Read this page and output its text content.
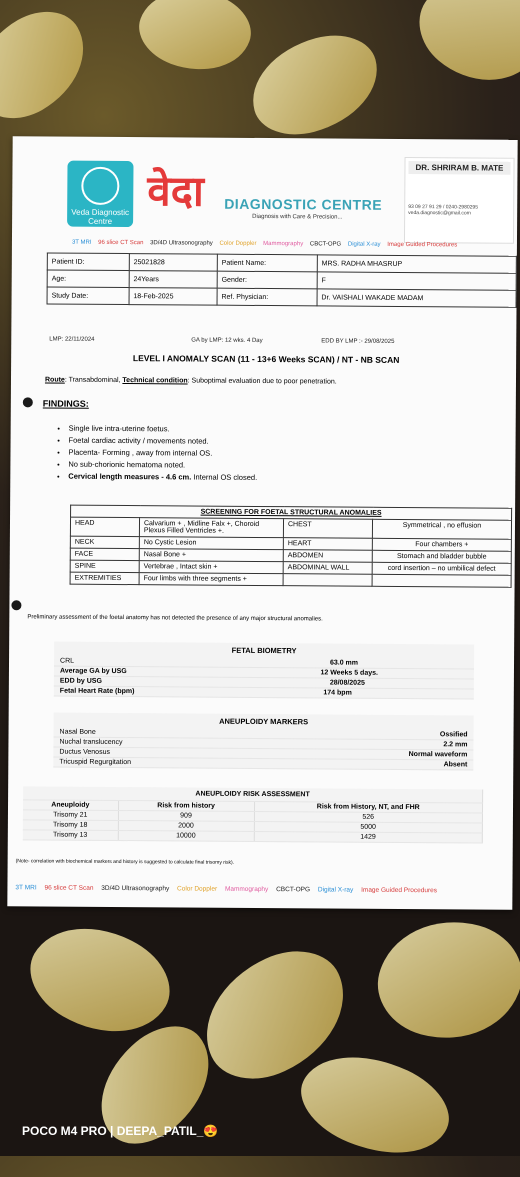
Veda Diagnostic Centre
वेदा DIAGNOSTIC CENTRE
Diagnosis with Care & Precision...
DR. SHRIRAM B. MATE
93 09 27 91 29 / 0240-2980295
veda.diagnostic@gmail.com
3T MRI 96 slice CT Scan 3D/4D Ultrasonography Color Doppler Mammography CBCT-OPG Digital X-ray Image Guided Procedures
Patient ID:	25021828	Patient Name:	MRS. RADHA MHASRUP
Age:	24Years	Gender:	F
Study Date:	18-Feb-2025	Ref. Physician:	Dr. VAISHALI WAKADE MADAM
LMP: 22/11/2024	GA by LMP: 12 wks. 4 Day	EDD BY LMP :- 29/08/2025
LEVEL I ANOMALY SCAN (11 - 13+6 Weeks SCAN) / NT - NB SCAN
Route: Transabdominal, Technical condition: Suboptimal evaluation due to poor penetration.
FINDINGS:
• Single live intra-uterine foetus.
• Foetal cardiac activity / movements noted.
• Placenta- Forming , away from internal OS.
• No sub-chorionic hematoma noted.
• Cervical length measures - 4.6 cm. Internal OS closed.
SCREENING FOR FOETAL STRUCTURAL ANOMALIES			
HEAD	Calvarium + , Midline Falx +, Choroid Plexus Filled Ventricles +.	CHEST	Symmetrical , no effusion
NECK	No Cystic Lesion	HEART	Four chambers +
FACE	Nasal Bone +	ABDOMEN	Stomach and bladder bubble
SPINE	Vertebrae , Intact skin +	ABDOMINAL WALL	cord insertion – no umbilical defect
EXTREMITIES	Four limbs with three segments +		
Preliminary assessment of the foetal anatomy has not detected the presence of any major structural anomalies.
FETAL BIOMETRY
CRL	63.0 mm
Average GA by USG	12 Weeks 5 days.
EDD by USG	28/08/2025
Fetal Heart Rate (bpm)	174 bpm
ANEUPLOIDY MARKERS
Nasal Bone	Ossified
Nuchal translucency	2.2 mm
Ductus Venosus	Normal waveform
Tricuspid Regurgitation	Absent
ANEUPLOIDY RISK ASSESSMENT		
Aneuploidy	Risk from history	Risk from History, NT, and FHR
Trisomy 21	909	526
Trisomy 18	2000	5000
Trisomy 13	10000	1429
(Note- correlation with biochemical markers and history is suggested to calculate final trisomy risk).
3T MRI 96 slice CT Scan 3D/4D Ultrasonography Color Doppler Mammography CBCT-OPG Digital X-ray Image Guided Procedures
POCO M4 PRO | DEEPA_PATIL_😍
